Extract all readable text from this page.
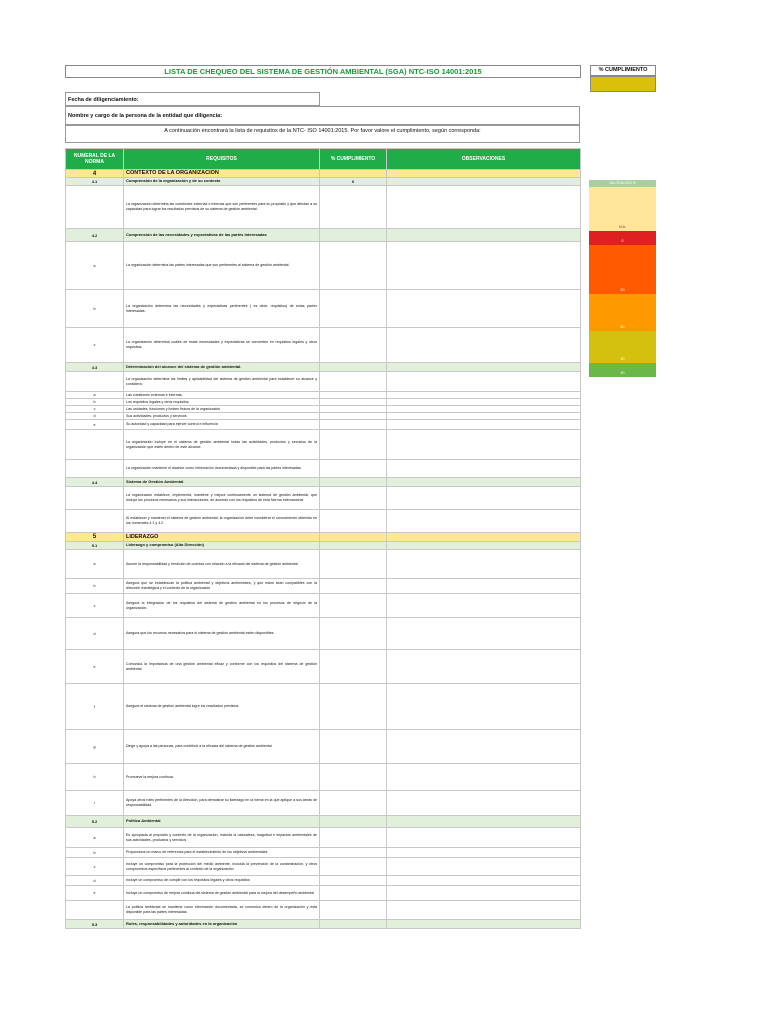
LISTA DE CHEQUEO DEL SISTEMA DE GESTIÓN AMBIENTAL (SGA) NTC-ISO 14001:2015	% CUMPLIMIENTO
Fecha de diligenciamiento:
Nombre y cargo de la persona de la entidad que diligencia:
A continuación encontrará la lista de requisitos de la NTC- ISO 14001:2015. Por favor valore el cumplimiento, según corresponda:
NUMERAL DE LA NORMA	REQUISITOS	% CUMPLIMIENTO	OBSERVACIONES
4	CONTEXTO DE LA ORGANIZACIÓN		
4.1	Comprensión de la organización y de su contexto	0	
	La organización determina las cuestiones externas e internas que son pertinentes para su propósito y que afectan a su capacidad para lograr los resultados previstos de su sistema de gestión ambiental.		
4.2	Comprensión de las necesidades y expectativas de las partes interesadas		
a	La organización determina las partes interesadas que son pertinentes al sistema de gestión ambiental.		
b	La organización determina las necesidades y expectativas pertinentes ( es decir, requisitos) de estas partes interesadas.		
c	La organización determina cuáles de estas necesidades y expectativas se convierten en requisitos legales y otros requisitos.		
4.3	Determinación del alcance del sistema de gestión ambiental.		
	La organización determina los límites y aplicabilidad del sistema de gestión ambiental para establecer su alcance y considera:		
a	Las cuestiones externas e internas;		
b	Los requisitos legales y otros requisitos		
c	Las unidades, funciones y límites físicos de la organización		
d	Sus actividades, productos y servicios		
e	Su autoridad y capacidad para ejercer control e influencia		
	La organización incluye en el sistema de gestión ambiental todas las actividades, productos y servicios de la organización que estén dentro de este alcance.		
	La organización mantiene el alcance como información documentada y disponible para las partes interesadas.		
4.4	Sistema de Gestión Ambiental		
	La organización establece, implementa, mantiene y mejora continuamente un sistema de gestión ambiental, que incluye los procesos necesarios y sus interacciones, de acuerdo con los requisitos de esta Norma Internacional.		
	Al establecer y mantener el sistema de gestión ambiental, la organización debe considerar el conocimiento obtenido en los numerales 4.1 y 4.2		
5	LIDERAZGO		
5.1	Liderazgo y compromiso (Alta Dirección)		
a	Asume la responsabilidad y rendición de cuentas con relación a la eficacia del sistema de gestión ambiental		
b	Asegura que se establezcan la política ambiental y objetivos ambientales, y que estos sean compatibles con la dirección estratégica y el contexto de la organización		
c	Asegura la integración de los requisitos del sistema de gestión ambiental en los procesos de negocio de la organización.		
d	Asegura que los recursos necesarios para el sistema de gestión ambiental estén disponibles.		
e	Comunica la importancia de una gestión ambiental eficaz y conforme con los requisitos del sistema de gestión ambiental		
f	Asegura el sistema de gestión ambiental logre los resultados previstos.		
g	Dirige y apoya a las personas, para contribuir a la eficacia del sistema de gestión ambiental		
h	Promueve la mejora continua.		
i	Apoya otros roles pertinentes de la dirección, para demostrar su liderazgo en la forma en la que aplique a sus áreas de responsabilidad.		
5.2	Política Ambiental		
a	Es apropiada al propósito y contexto de la organización, incluida la naturaleza, magnitud e impactos ambientales de sus actividades, productos y servicios		
b	Proporciona un marco de referencia para el establecimiento de los objetivos ambientales		
c	Incluye un compromiso para la protección del medio ambiente, incluida la prevención de la contaminación, y otros compromisos específicos pertinentes al contexto de la organización		
d	Incluye un compromiso de cumplir con los requisitos legales y otros requisitos		
e	Incluye un compromiso de mejora continua del sistema de gestión ambiental para la mejora del desempeño ambiental		
	La política ambiental se mantiene como información documentada, se comunica dentro de la organización y está disponible para las partes interesadas.		
5.3	Roles, responsabilidades y autoridades en la organización		
VALORACIÓN %
N.A.
0
30
60
90
90
